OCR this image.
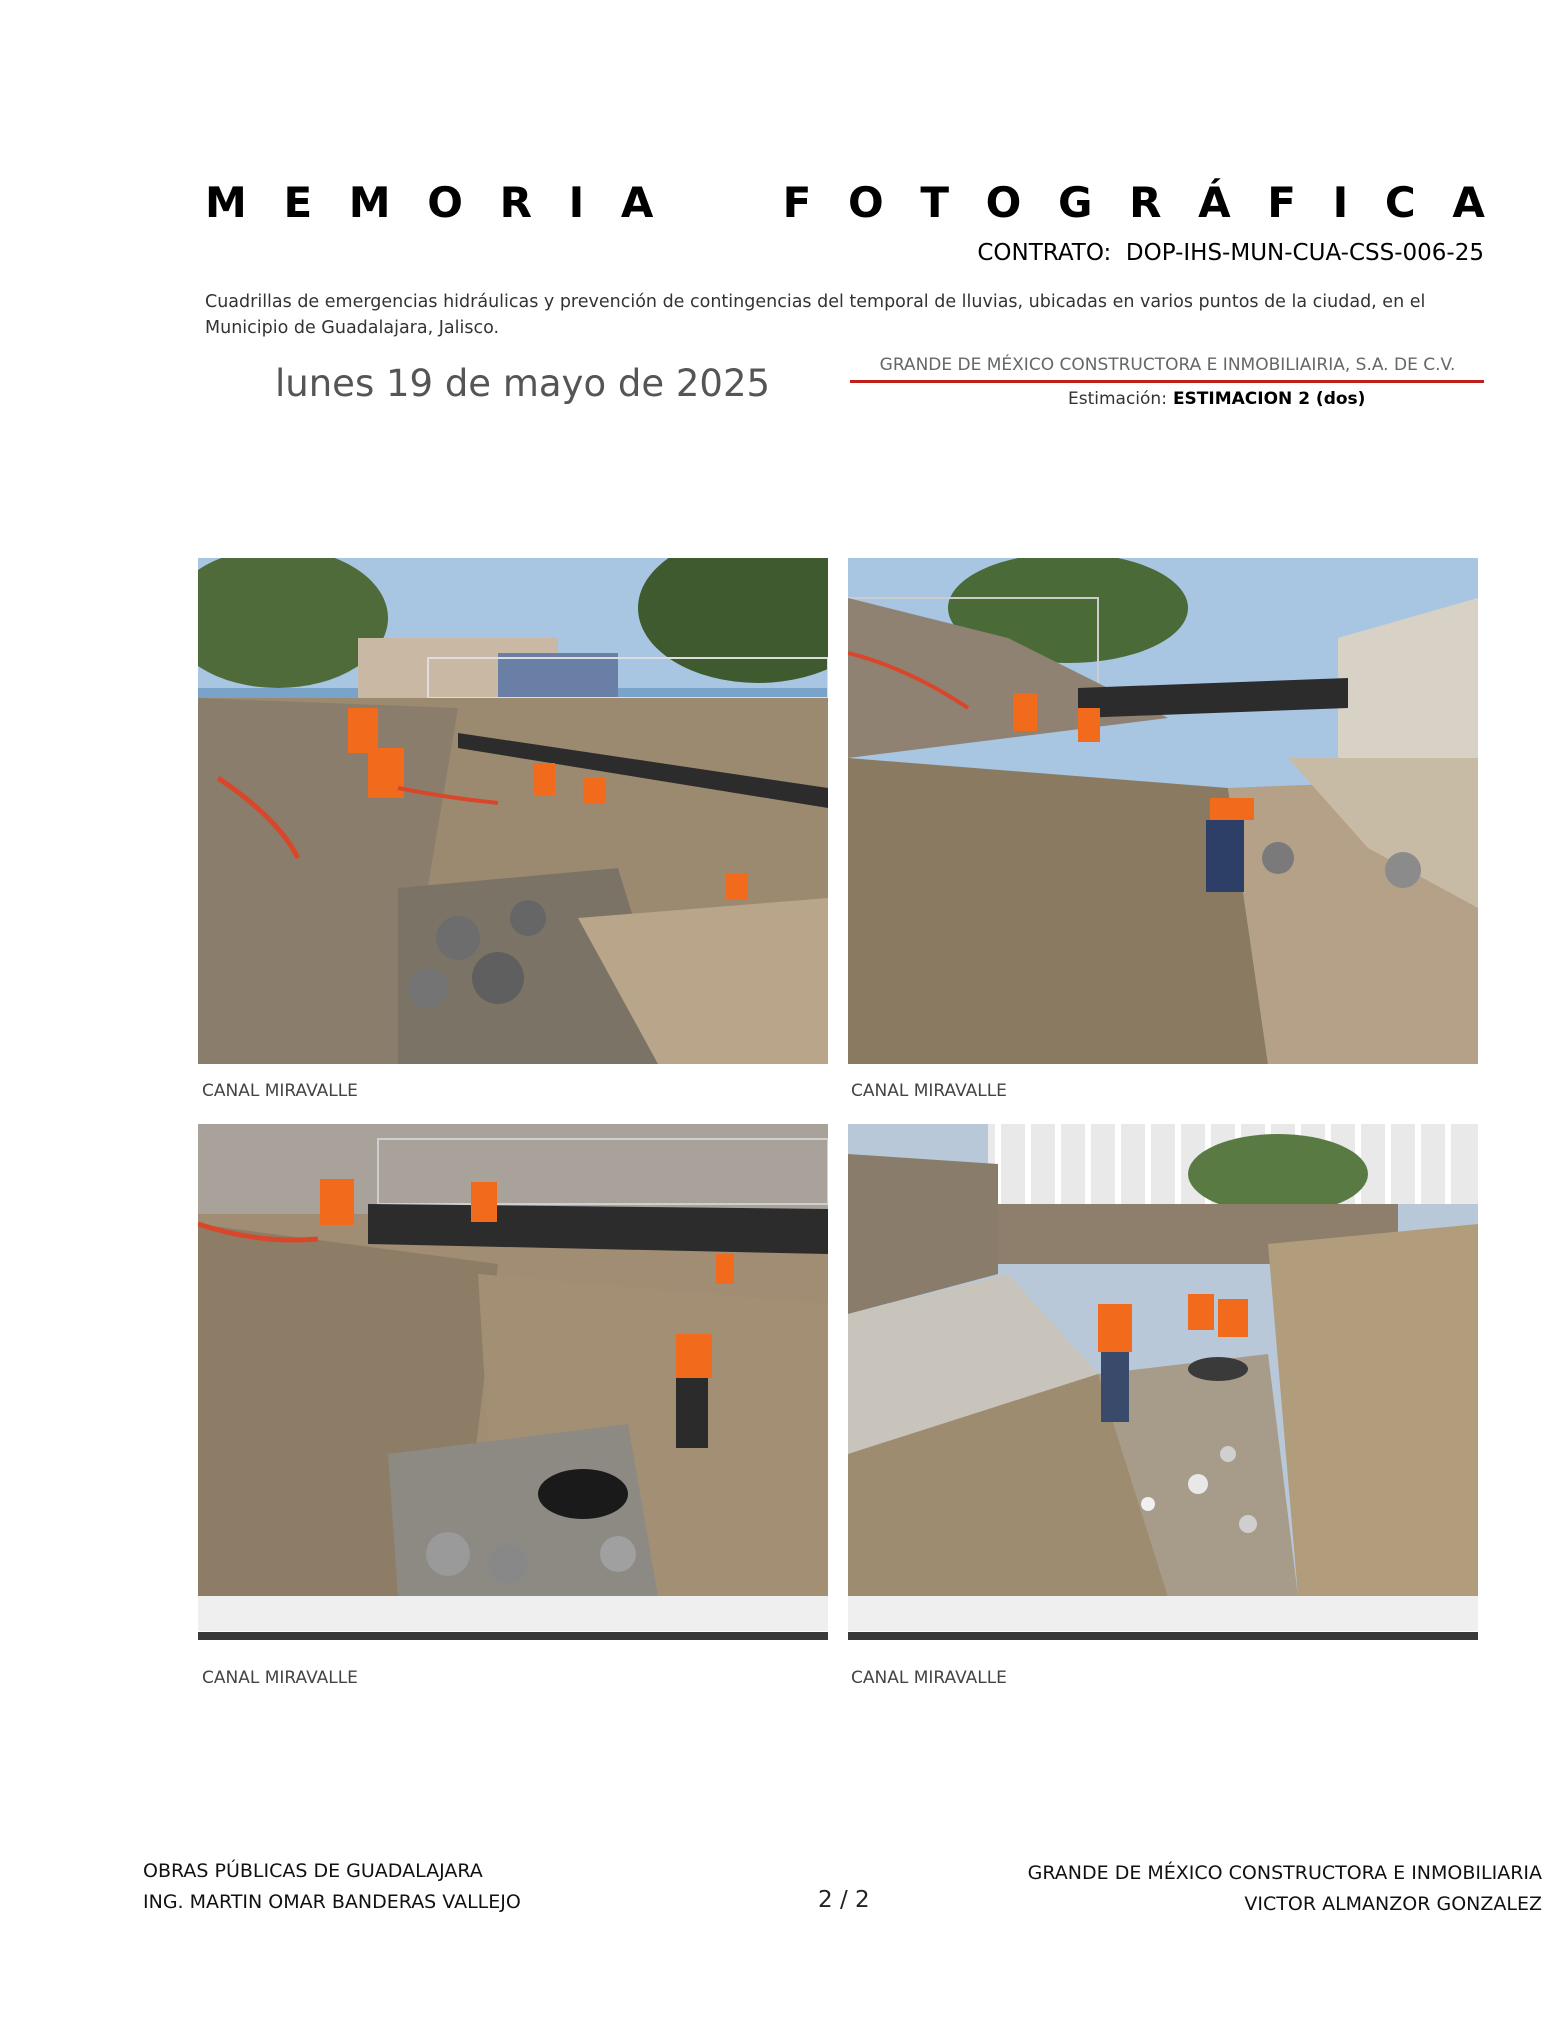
M E M O R I A	F O T O G R Á F I C A
CONTRATO: DOP-IHS-MUN-CUA-CSS-006-25
Cuadrillas de emergencias hidráulicas y prevención de contingencias del temporal de lluvias, ubicadas en varios puntos de la ciudad, en el Municipio de Guadalajara, Jalisco.
lunes 19 de mayo de 2025	GRANDE DE MÉXICO CONSTRUCTORA E INMOBILIAIRIA, S.A. DE C.V.
Estimación: ESTIMACION 2 (dos)
CANAL MIRAVALLE	CANAL MIRAVALLE
CANAL MIRAVALLE	CANAL MIRAVALLE
OBRAS PÚBLICAS DE GUADALAJARA
ING. MARTIN OMAR BANDERAS VALLEJO	2 / 2
GRANDE DE MÉXICO CONSTRUCTORA E INMOBILIARIA
VICTOR ALMANZOR GONZALEZ
